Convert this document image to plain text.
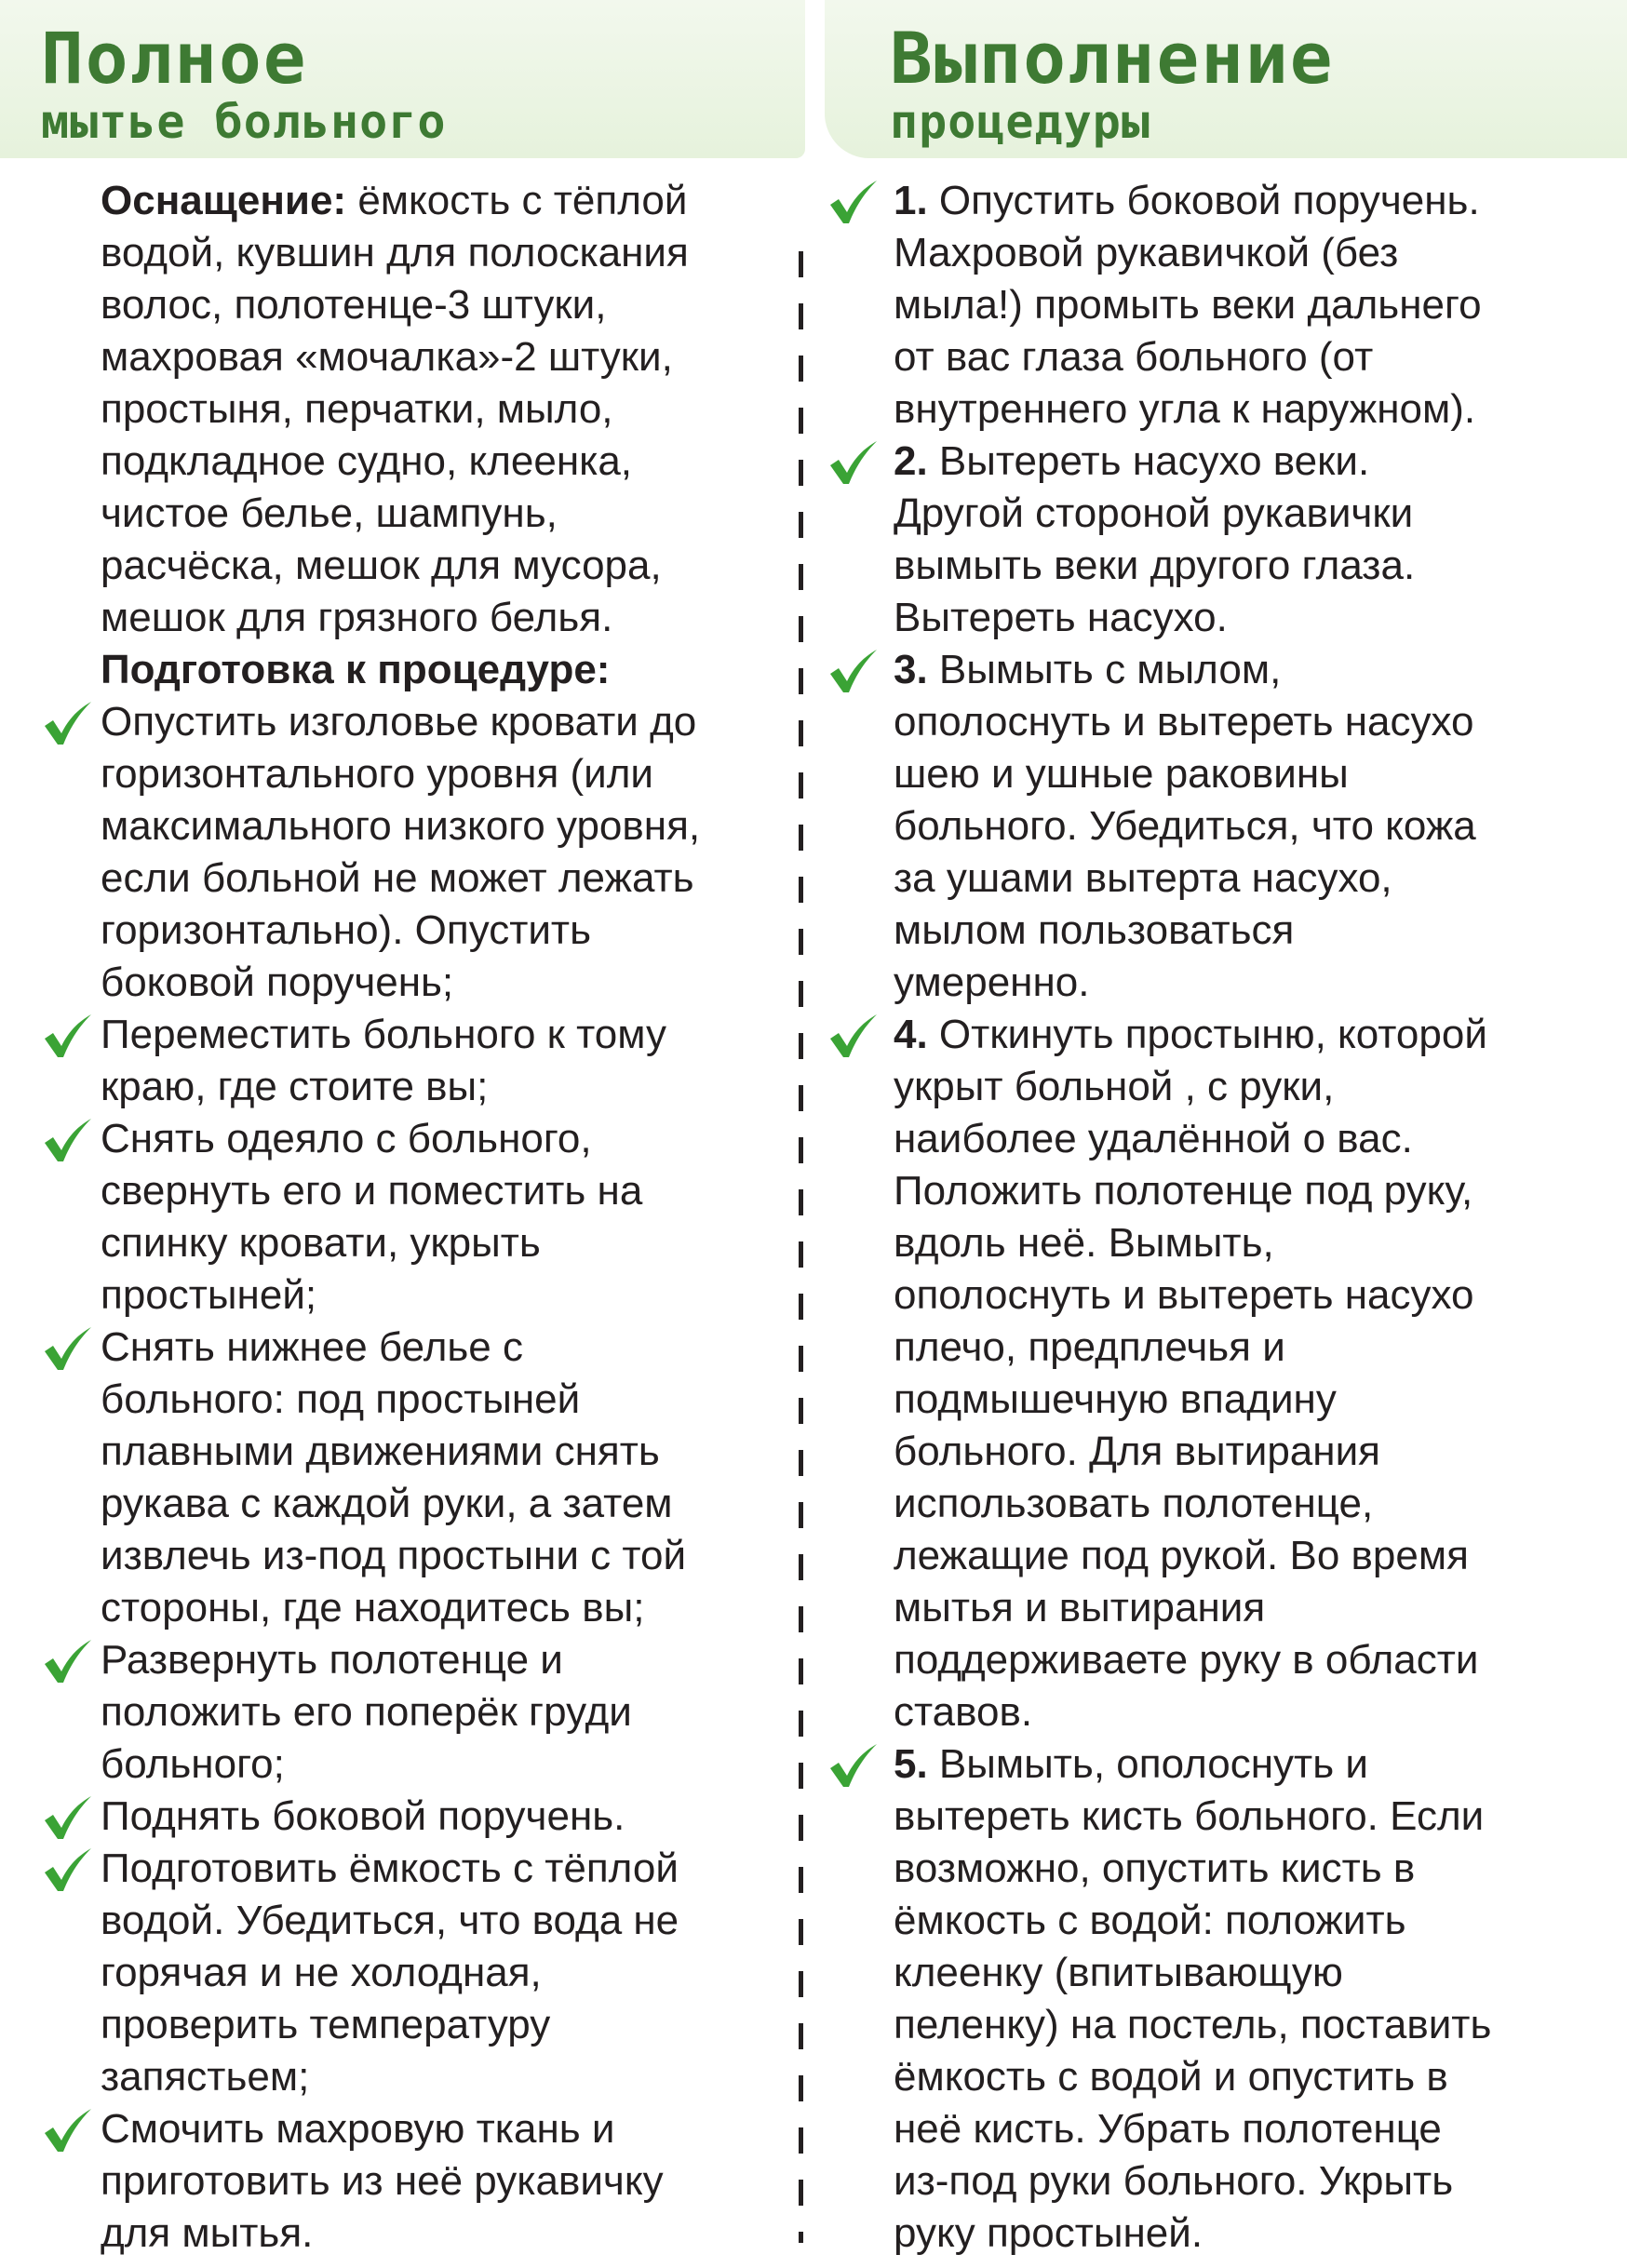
Полное
мытье больного
Выполнение
процедуры

Оснащение: ёмкость с тёплой

водой, кувшин для полоскания

волос, полотенце-3 штуки,

махровая «мочалка»-2 штуки,

простыня, перчатки, мыло,

подкладное судно, клеенка,

чистое белье, шампунь,

расчёска, мешок для мусора,

мешок для грязного белья.

Подготовка к процедуре:

Опустить изголовье кровати до

горизонтального уровня (или

максимального низкого уровня,

если больной не может лежать

горизонтально). Опустить

боковой поручень;

Переместить больного к тому

краю, где стоите вы;

Снять одеяло с больного,

свернуть его и поместить на

спинку кровати, укрыть

простыней;

Снять нижнее белье с

больного: под простыней

плавными движениями снять

рукава с каждой руки, а затем

извлечь из-под простыни с той

стороны, где находитесь вы;

Развернуть полотенце и

положить его поперёк груди

больного;

Поднять боковой поручень.

Подготовить ёмкость с тёплой

водой. Убедиться, что вода не

горячая и не холодная,

проверить температуру

запястьем;

Смочить махровую ткань и

приготовить из неё рукавичку

для мытья.

1. Опустить боковой поручень.

Махровой рукавичкой (без

мыла!) промыть веки дальнего

от вас глаза больного (от

внутреннего угла к наружном).

2. Вытереть насухо веки.

Другой стороной рукавички

вымыть веки другого глаза.

Вытереть насухо.

3. Вымыть с мылом,

ополоснуть и вытереть насухо

шею и ушные раковины

больного. Убедиться, что кожа

за ушами вытерта насухо,

мылом пользоваться

умеренно.

4. Откинуть простыню, которой

укрыт больной , с руки,

наиболее удалённой о вас.

Положить полотенце под руку,

вдоль неё. Вымыть,

ополоснуть и вытереть насухо

плечо, предплечья и

подмышечную впадину

больного. Для вытирания

использовать полотенце,

лежащие под рукой. Во время

мытья и вытирания

поддерживаете руку в области

ставов.

5. Вымыть, ополоснуть и

вытереть кисть больного. Если

возможно, опустить кисть в

ёмкость с водой: положить

клеенку (впитывающую

пеленку) на постель, поставить

ёмкость с водой и опустить в

неё кисть. Убрать полотенце

из-под руки больного. Укрыть

руку простыней.
